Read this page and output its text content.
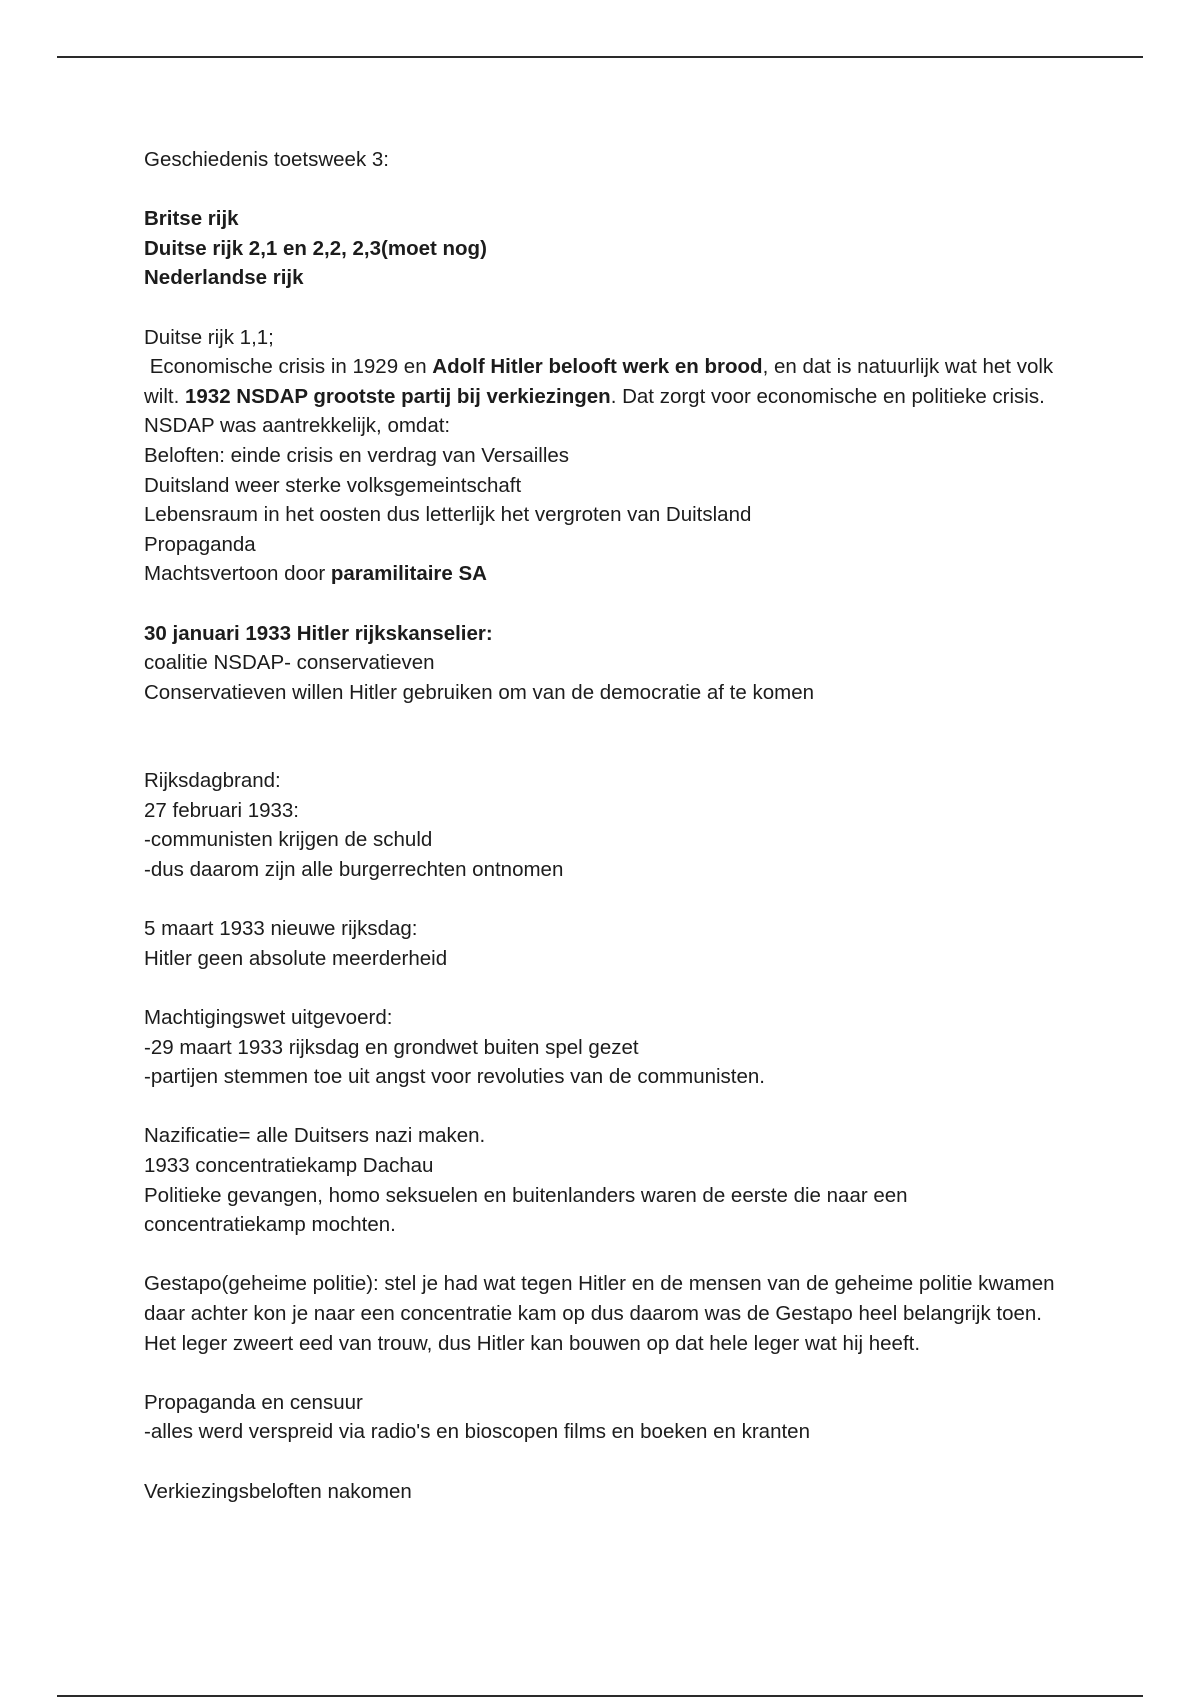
Geschiedenis toetsweek 3:
Britse rijk
Duitse rijk 2,1 en 2,2, 2,3(moet nog)
Nederlandse rijk
Duitse rijk 1,1;
Economische crisis in 1929 en Adolf Hitler belooft werk en brood, en dat is natuurlijk wat het volk wilt. 1932 NSDAP grootste partij bij verkiezingen. Dat zorgt voor economische en politieke crisis. NSDAP was aantrekkelijk, omdat:
Beloften: einde crisis en verdrag van Versailles
Duitsland weer sterke volksgemeintschaft
Lebensraum in het oosten dus letterlijk het vergroten van Duitsland
Propaganda
Machtsvertoon door paramilitaire SA
30 januari 1933 Hitler rijkskanselier:
coalitie NSDAP- conservatieven
Conservatieven willen Hitler gebruiken om van de democratie af te komen
Rijksdagbrand:
27 februari 1933:
-communisten krijgen de schuld
-dus daarom zijn alle burgerrechten ontnomen
5 maart 1933 nieuwe rijksdag:
Hitler geen absolute meerderheid
Machtigingswet uitgevoerd:
-29 maart 1933 rijksdag en grondwet buiten spel gezet
-partijen stemmen toe uit angst voor revoluties van de communisten.
Nazificatie= alle Duitsers nazi maken.
1933 concentratiekamp Dachau
Politieke gevangen, homo seksuelen en buitenlanders waren de eerste die naar een concentratiekamp mochten.
Gestapo(geheime politie): stel je had wat tegen Hitler en de mensen van de geheime politie kwamen daar achter kon je naar een concentratie kam op dus daarom was de Gestapo heel belangrijk toen. Het leger zweert eed van trouw, dus Hitler kan bouwen op dat hele leger wat hij heeft.
Propaganda en censuur
-alles werd verspreid via radio's en bioscopen films en boeken en kranten
Verkiezingsbeloften nakomen
